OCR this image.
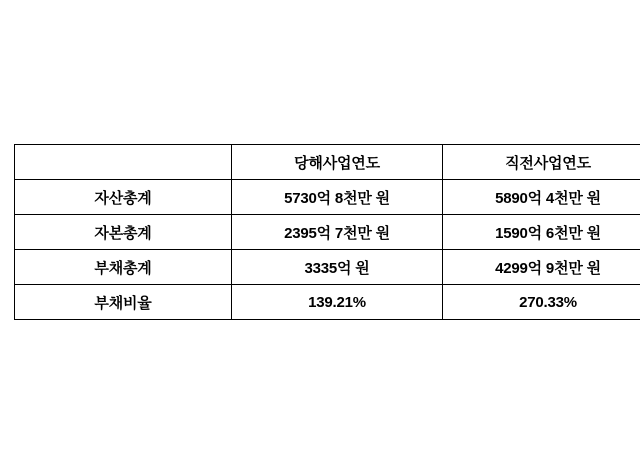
	당해사업연도	직전사업연도
자산총계	5730억 8천만 원	5890억 4천만 원
자본총계	2395억 7천만 원	1590억 6천만 원
부채총계	3335억 원	4299억 9천만 원
부채비율	139.21%	270.33%
